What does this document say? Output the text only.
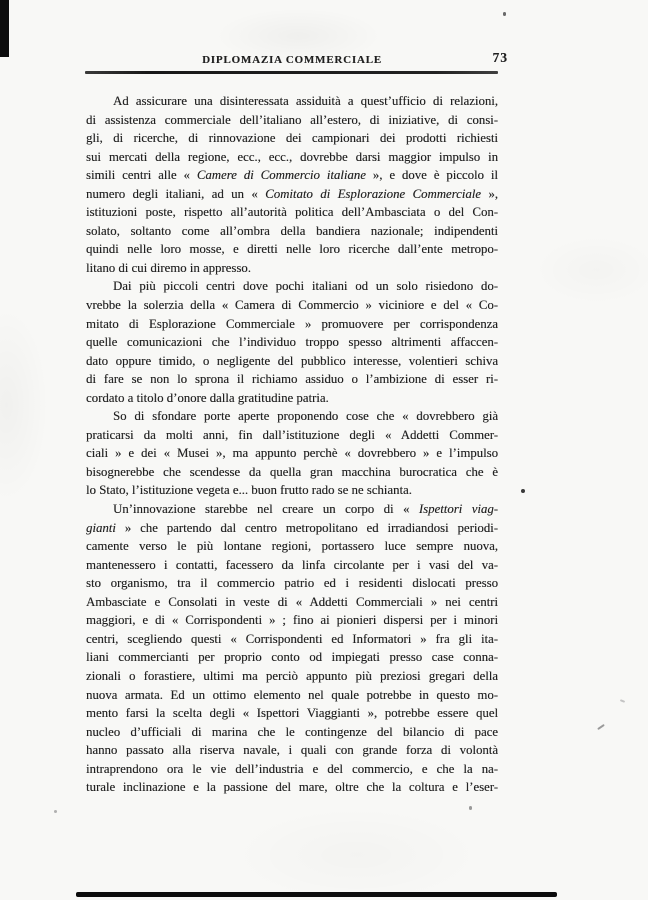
DIPLOMAZIA COMMERCIALE	73
Ad assicurare una disinteressata assiduità a quest’ufficio di relazioni,
di assistenza commerciale dell’italiano all’estero, di iniziative, di consi-
gli, di ricerche, di rinnovazione dei campionari dei prodotti richiesti
sui mercati della regione, ecc., ecc., dovrebbe darsi maggior impulso in
simili centri alle « Camere di Commercio italiane », e dove è piccolo il
numero degli italiani, ad un « Comitato di Esplorazione Commerciale »,
istituzioni poste, rispetto all’autorità politica dell’Ambasciata o del Con-
solato, soltanto come all’ombra della bandiera nazionale; indipendenti
quindi nelle loro mosse, e diretti nelle loro ricerche dall’ente metropo-
litano di cui diremo in appresso.
Dai più piccoli centri dove pochi italiani od un solo risiedono do-
vrebbe la solerzia della « Camera di Commercio » viciniore e del « Co-
mitato di Esplorazione Commerciale » promuovere per corrispondenza
quelle comunicazioni che l’individuo troppo spesso altrimenti affaccen-
dato oppure timido, o negligente del pubblico interesse, volentieri schiva
di fare se non lo sprona il richiamo assiduo o l’ambizione di esser ri-
cordato a titolo d’onore dalla gratitudine patria.
So di sfondare porte aperte proponendo cose che « dovrebbero già
praticarsi da molti anni, fin dall’istituzione degli « Addetti Commer-
ciali » e dei « Musei », ma appunto perchè « dovrebbero » e l’impulso
bisognerebbe che scendesse da quella gran macchina burocratica che è
lo Stato, l’istituzione vegeta e... buon frutto rado se ne schianta.
Un’innovazione starebbe nel creare un corpo di « Ispettori viag-
gianti » che partendo dal centro metropolitano ed irradiandosi periodi-
camente verso le più lontane regioni, portassero luce sempre nuova,
mantenessero i contatti, facessero da linfa circolante per i vasi del va-
sto organismo, tra il commercio patrio ed i residenti dislocati presso
Ambasciate e Consolati in veste di « Addetti Commerciali » nei centri
maggiori, e di « Corrispondenti » ; fino ai pionieri dispersi per i minori
centri, scegliendo questi « Corrispondenti ed Informatori » fra gli ita-
liani commercianti per proprio conto od impiegati presso case conna-
zionali o forastiere, ultimi ma perciò appunto più preziosi gregari della
nuova armata. Ed un ottimo elemento nel quale potrebbe in questo mo-
mento farsi la scelta degli « Ispettori Viaggianti », potrebbe essere quel
nucleo d’ufficiali di marina che le contingenze del bilancio di pace
hanno passato alla riserva navale, i quali con grande forza di volontà
intraprendono ora le vie dell’industria e del commercio, e che la na-
turale inclinazione e la passione del mare, oltre che la coltura e l’eser-
